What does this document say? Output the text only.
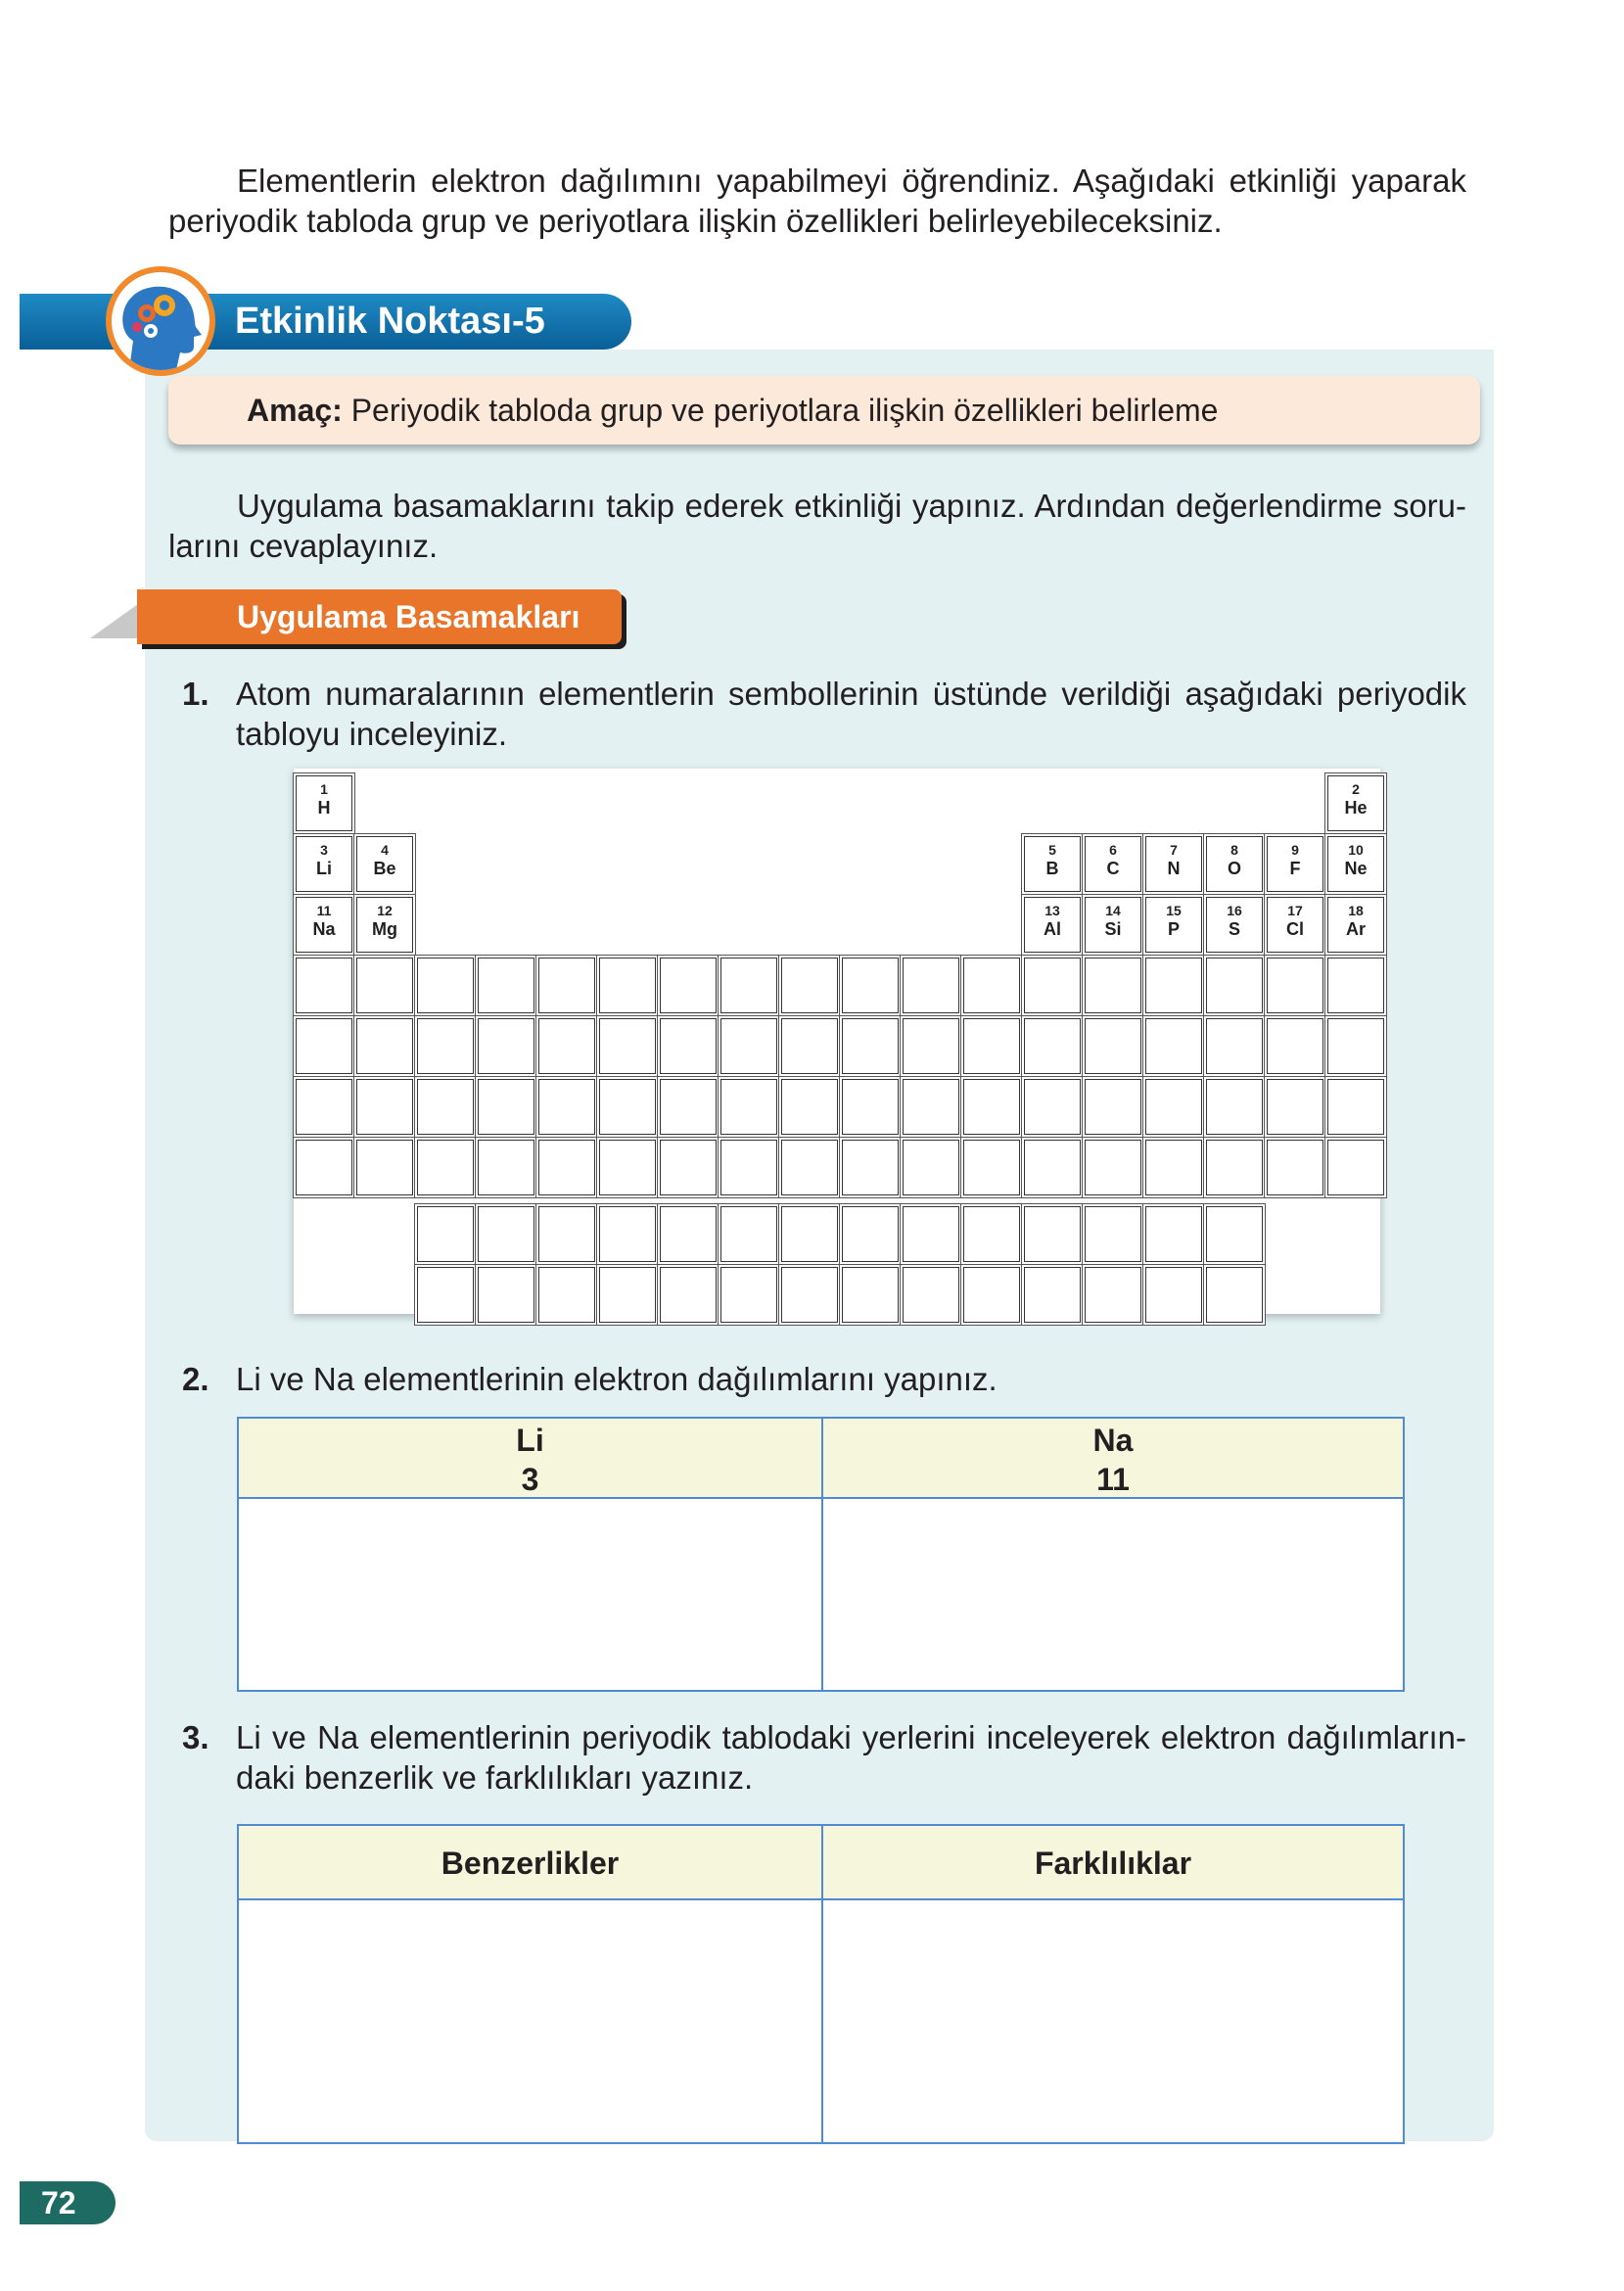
Elementlerin elektron dağılımını yapabilmeyi öğrendiniz. Aşağıdaki etkinliği yaparak
periyodik tabloda grup ve periyotlara ilişkin özellikleri belirleyebileceksiniz.
Etkinlik Noktası-5
Amaç: Periyodik tabloda grup ve periyotlara ilişkin özellikleri belirleme
Uygulama basamaklarını takip ederek etkinliği yapınız. Ardından değerlendirme soru-
larını cevaplayınız.
Uygulama Basamakları
1. Atom numaralarının elementlerin sembollerinin üstünde verildiği aşağıdaki periyodik
tabloyu inceleyiniz.
1
H
2
He
3
Li
4
Be
5
B
6
C
7
N
8
O
9
F
10
Ne
11
Na
12
Mg
13
Al
14
Si
15
P
16
S
17
Cl
18
Ar
2. Li ve Na elementlerinin elektron dağılımlarını yapınız.
Li
3
Na
11
3. Li ve Na elementlerinin periyodik tablodaki yerlerini inceleyerek elektron dağılımların-
daki benzerlik ve farklılıkları yazınız.
Benzerlikler	Farklılıklar
72
